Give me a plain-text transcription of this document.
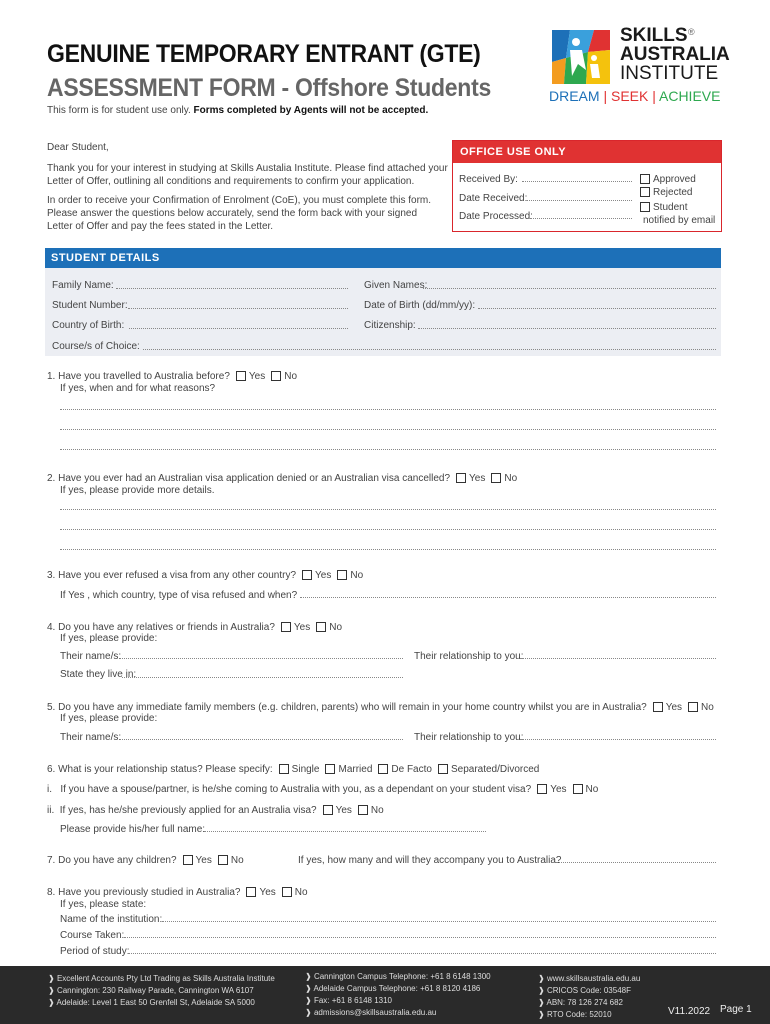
GENUINE TEMPORARY ENTRANT (GTE)
ASSESSMENT FORM - Offshore Students
This form is for student use only. Forms completed by Agents will not be accepted.
SKILLS ®
AUSTRALIA
INSTITUTE
DREAM | SEEK | ACHIEVE
Dear Student,
Thank you for your interest in studying at Skills Austalia Institute. Please find attached your
Letter of Offer, outlining all conditions and requirements to confirm your application.
In order to receive your Confirmation of Enrolment (CoE), you must complete this form.
Please answer the questions below accurately, send the form back with your signed
Letter of Offer and pay the fees stated in the Letter.
OFFICE USE ONLY
Received By:
Date Received:
Date Processed:
Approved
Rejected
Student
notified by email
STUDENT DETAILS
Family Name:	Given Names:
Student Number:	Date of Birth (dd/mm/yy):
Country of Birth:	Citizenship:
Course/s of Choice:
1. Have you travelled to Australia before? Yes No
If yes, when and for what reasons?
2. Have you ever had an Australian visa application denied or an Australian visa cancelled? Yes No
If yes, please provide more details.
3. Have you ever refused a visa from any other country? Yes No
If Yes , which country, type of visa refused and when?
4. Do you have any relatives or friends in Australia? Yes No
If yes, please provide:
Their name/s:	Their relationship to you:
State they live in:
5. Do you have any immediate family members (e.g. children, parents) who will remain in your home country whilst you are in Australia? Yes No
If yes, please provide:
Their name/s:	Their relationship to you:
6. What is your relationship status? Please specify: Single Married De Facto Separated/Divorced
i.   If you have a spouse/partner, is he/she coming to Australia with you, as a dependant on your student visa? Yes No
ii.  If yes, has he/she previously applied for an Australia visa? Yes No
Please provide his/her full name:
7. Do you have any children? Yes No	If yes, how many and will they accompany you to Australia?
8. Have you previously studied in Australia? Yes No
If yes, please state:
Name of the institution:
Course Taken:
Period of study:
❱ Excellent Accounts Pty Ltd Trading as Skills Australia Institute
❱ Cannington: 230 Railway Parade, Cannington WA 6107
❱ Adelaide: Level 1 East 50 Grenfell St, Adelaide SA 5000
❱ Cannington Campus Telephone: +61 8 6148 1300
❱ Adelaide Campus Telephone: +61 8 8120 4186
❱ Fax: +61 8 6148 1310
❱ admissions@skillsaustralia.edu.au
❱ www.skillsaustralia.edu.au
❱ CRICOS Code: 03548F
❱ ABN: 78 126 274 682
❱ RTO Code: 52010	V11.2022 Page 1
